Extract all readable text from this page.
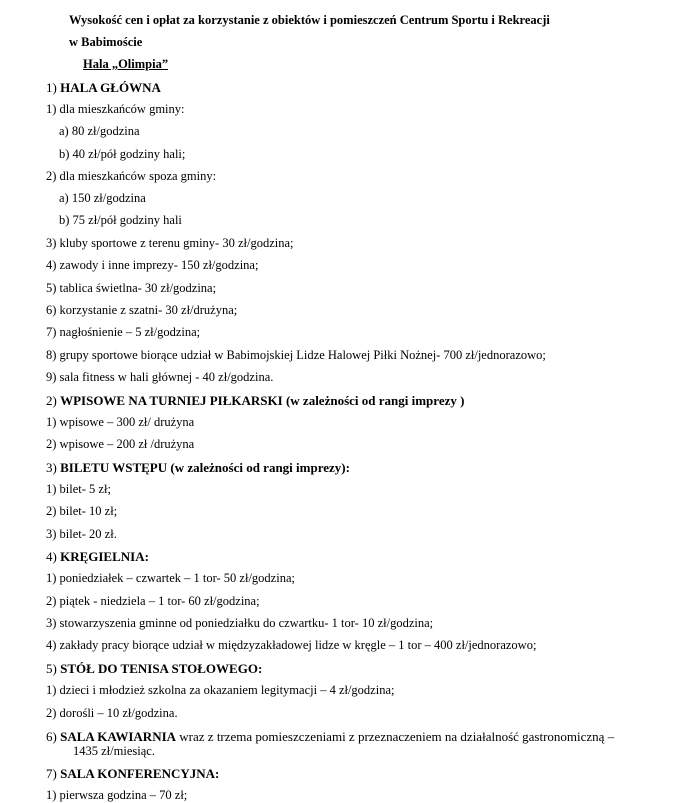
Wysokość cen i opłat za korzystanie z obiektów i pomieszczeń Centrum Sportu i Rekreacji
w Babimoście
Hala „Olimpia”
1) HALA GŁÓWNA
1) dla mieszkańców gminy:
a) 80 zł/godzina
b) 40 zł/pół godziny hali;
2) dla mieszkańców spoza gminy:
a) 150 zł/godzina
b) 75 zł/pół godziny hali
3) kluby sportowe z terenu gminy- 30 zł/godzina;
4) zawody i inne imprezy- 150 zł/godzina;
5) tablica świetlna- 30 zł/godzina;
6) korzystanie z szatni- 30 zł/drużyna;
7) nagłośnienie – 5 zł/godzina;
8) grupy sportowe biorące udział w Babimojskiej Lidze Halowej Piłki Nożnej- 700 zł/jednorazowo;
9) sala fitness w hali głównej - 40 zł/godzina.
2) WPISOWE NA TURNIEJ PIŁKARSKI (w zależności od rangi imprezy )
1) wpisowe – 300 zł/ drużyna
2) wpisowe – 200 zł /drużyna
3) BILETU WSTĘPU (w zależności od rangi imprezy):
1) bilet- 5 zł;
2) bilet- 10 zł;
3) bilet- 20 zł.
4) KRĘGIELNIA:
1) poniedziałek – czwartek – 1 tor- 50 zł/godzina;
2) piątek - niedziela – 1 tor- 60 zł/godzina;
3) stowarzyszenia gminne od poniedziałku do czwartku- 1 tor- 10 zł/godzina;
4) zakłady pracy biorące udział w międzyzakładowej lidze w kręgle – 1 tor – 400 zł/jednorazowo;
5) STÓŁ DO TENISA STOŁOWEGO:
1) dzieci i młodzież szkolna za okazaniem legitymacji – 4 zł/godzina;
2) dorośli – 10 zł/godzina.
6) SALA KAWIARNIA wraz z trzema pomieszczeniami z przeznaczeniem na działalność gastronomiczną –
1435 zł/miesiąc.
7) SALA KONFERENCYJNA:
1) pierwsza godzina – 70 zł;
